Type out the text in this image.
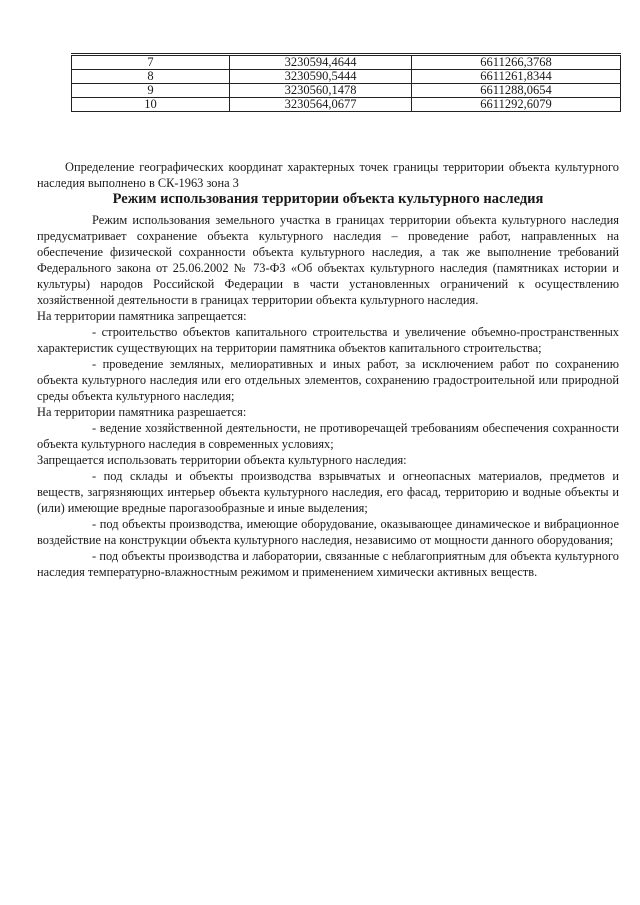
7	3230594,4644	6611266,3768
8	3230590,5444	6611261,8344
9	3230560,1478	6611288,0654
10	3230564,0677	6611292,6079

Определение географических координат характерных точек границы территории объекта культурного наследия выполнено в СК-1963 зона 3

Режим использования территории объекта культурного наследия

Режим использования земельного участка в границах территории объекта культурного наследия предусматривает сохранение объекта культурного наследия – проведение работ, направленных на обеспечение физической сохранности объекта культурного наследия, а так же выполнение требований Федерального закона от 25.06.2002 № 73-ФЗ «Об объектах культурного наследия (памятниках истории и культуры) народов Российской Федерации в части установленных ограничений к осуществлению хозяйственной деятельности в границах территории объекта культурного наследия.

На территории памятника запрещается:

- строительство объектов капитального строительства и увеличение объемно-пространственных характеристик существующих на территории памятника объектов капитального строительства;

- проведение земляных, мелиоративных и иных работ, за исключением работ по сохранению объекта культурного наследия или его отдельных элементов, сохранению градостроительной или природной среды объекта культурного наследия;

На территории памятника разрешается:

- ведение хозяйственной деятельности, не противоречащей требованиям обеспечения сохранности объекта культурного наследия в современных условиях;

Запрещается использовать территории объекта культурного наследия:

- под склады и объекты производства взрывчатых и огнеопасных материалов, предметов и веществ, загрязняющих интерьер объекта культурного наследия, его фасад, территорию и водные объекты и (или) имеющие вредные парогазообразные и иные выделения;

- под объекты производства, имеющие оборудование, оказывающее динамическое и вибрационное воздействие на конструкции объекта культурного наследия, независимо от мощности данного оборудования;

- под объекты производства и лаборатории, связанные с неблагоприятным для объекта культурного наследия температурно-влажностным режимом и применением химически активных веществ.
